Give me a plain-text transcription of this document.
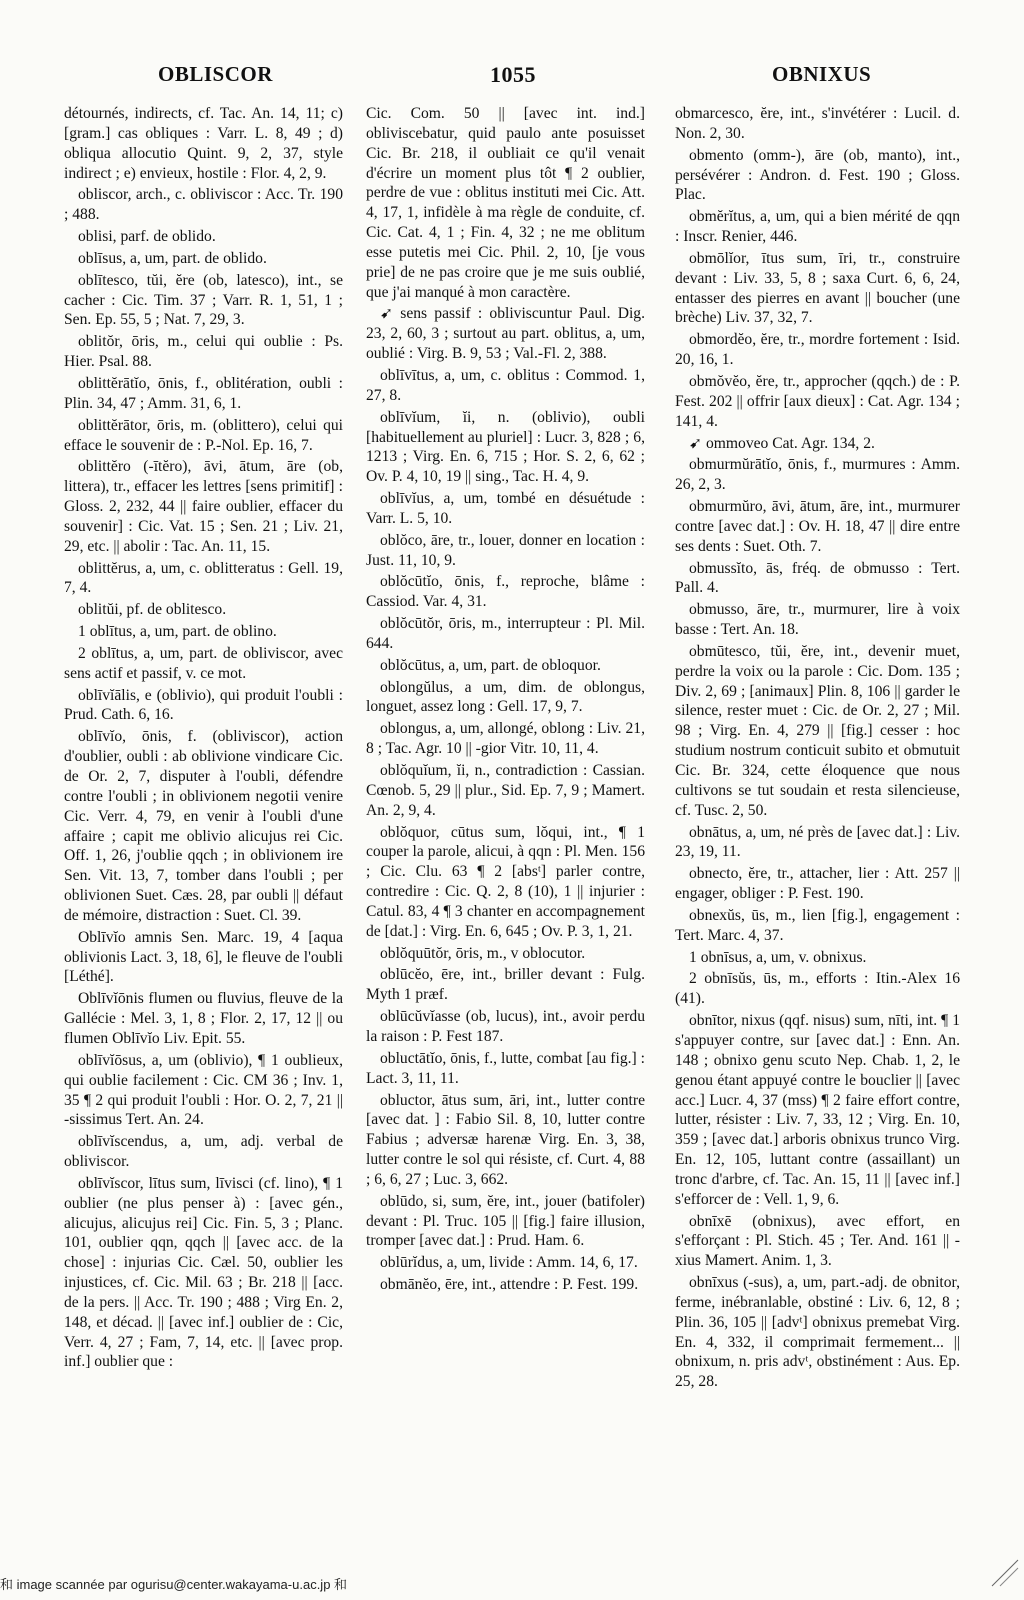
OBLISCOR	1055	OBNIXUS

détournés, indirects, cf. Tac. An. 14, 11; c) [gram.] cas obliques : Varr. L. 8, 49 ; d) obliqua allocutio Quint. 9, 2, 37, style indirect ; e) envieux, hostile : Flor. 4, 2, 9.

obliscor, arch., c. obliviscor : Acc. Tr. 190 ; 488.

oblisi, parf. de oblido.

oblīsus, a, um, part. de oblido.

oblītesco, tŭi, ĕre (ob, latesco), int., se cacher : Cic. Tim. 37 ; Varr. R. 1, 51, 1 ; Sen. Ep. 55, 5 ; Nat. 7, 29, 3.

oblitŏr, ōris, m., celui qui oublie : Ps. Hier. Psal. 88.

oblittĕrātĭo, ōnis, f., oblitération, oubli : Plin. 34, 47 ; Amm. 31, 6, 1.

oblittĕrātor, ōris, m. (oblittero), celui qui efface le souvenir de : P.-Nol. Ep. 16, 7.

oblittĕro (-ītĕro), āvi, ātum, āre (ob, littera), tr., effacer les lettres [sens primitif] : Gloss. 2, 232, 44 || faire oublier, effacer du souvenir] : Cic. Vat. 15 ; Sen. 21 ; Liv. 21, 29, etc. || abolir : Tac. An. 11, 15.

oblittĕrus, a, um, c. oblitteratus : Gell. 19, 7, 4.

oblitŭi, pf. de oblitesco.

1 oblītus, a, um, part. de oblino.

2 oblītus, a, um, part. de obliviscor, avec sens actif et passif, v. ce mot.

oblīvĭālis, e (oblivio), qui produit l'oubli : Prud. Cath. 6, 16.

oblīvĭo, ōnis, f. (obliviscor), action d'oublier, oubli : ab oblivione vindicare Cic. de Or. 2, 7, disputer à l'oubli, défendre contre l'oubli ; in oblivionem negotii venire Cic. Verr. 4, 79, en venir à l'oubli d'une affaire ; capit me oblivio alicujus rei Cic. Off. 1, 26, j'oublie qqch ; in oblivionem ire Sen. Vit. 13, 7, tomber dans l'oubli ; per oblivionen Suet. Cæs. 28, par oubli || défaut de mémoire, distraction : Suet. Cl. 39.

Oblīvĭo amnis Sen. Marc. 19, 4 [aqua oblivionis Lact. 3, 18, 6], le fleuve de l'oubli [Léthé].

Oblīvĭōnis flumen ou fluvius, fleuve de la Gallécie : Mel. 3, 1, 8 ; Flor. 2, 17, 12 || ou flumen Oblīvĭo Liv. Epit. 55.

oblīvĭōsus, a, um (oblivio), ¶ 1 oublieux, qui oublie facilement : Cic. CM 36 ; Inv. 1, 35 ¶ 2 qui produit l'oubli : Hor. O. 2, 7, 21 || -sissimus Tert. An. 24.

oblīvĭscendus, a, um, adj. verbal de obliviscor.

oblīvĭscor, lītus sum, līvisci (cf. lino), ¶ 1 oublier (ne plus penser à) : [avec gén., alicujus, alicujus rei] Cic. Fin. 5, 3 ; Planc. 101, oublier qqn, qqch || [avec acc. de la chose] : injurias Cic. Cæl. 50, oublier les injustices, cf. Cic. Mil. 63 ; Br. 218 || [acc. de la pers. || Acc. Tr. 190 ; 488 ; Virg En. 2, 148, et décad. || [avec inf.] oublier de : Cic, Verr. 4, 27 ; Fam, 7, 14, etc. || [avec prop. inf.] oublier que :

Cic. Com. 50 || [avec int. ind.] obliviscebatur, quid paulo ante posuisset Cic. Br. 218, il oubliait ce qu'il venait d'écrire un moment plus tôt ¶ 2 oublier, perdre de vue : oblitus instituti mei Cic. Att. 4, 17, 1, infidèle à ma règle de conduite, cf. Cic. Cat. 4, 1 ; Fin. 4, 32 ; ne me oblitum esse putetis mei Cic. Phil. 2, 10, [je vous prie] de ne pas croire que je me suis oublié, que j'ai manqué à mon caractère.

➹ sens passif : obliviscuntur Paul. Dig. 23, 2, 60, 3 ; surtout au part. oblitus, a, um, oublié : Virg. B. 9, 53 ; Val.-Fl. 2, 388.

oblīvītus, a, um, c. oblitus : Commod. 1, 27, 8.

oblīvĭum, ĭi, n. (oblivio), oubli [habituellement au pluriel] : Lucr. 3, 828 ; 6, 1213 ; Virg. En. 6, 715 ; Hor. S. 2, 6, 62 ; Ov. P. 4, 10, 19 || sing., Tac. H. 4, 9.

oblīvĭus, a, um, tombé en désuétude : Varr. L. 5, 10.

oblŏco, āre, tr., louer, donner en location : Just. 11, 10, 9.

oblŏcūtĭo, ōnis, f., reproche, blâme : Cassiod. Var. 4, 31.

oblŏcūtŏr, ōris, m., interrupteur : Pl. Mil. 644.

oblŏcūtus, a, um, part. de obloquor.

oblongŭlus, a um, dim. de oblongus, longuet, assez long : Gell. 17, 9, 7.

oblongus, a, um, allongé, oblong : Liv. 21, 8 ; Tac. Agr. 10 || -gior Vitr. 10, 11, 4.

oblŏquĭum, ĭi, n., contradiction : Cassian. Cœnob. 5, 29 || plur., Sid. Ep. 7, 9 ; Mamert. An. 2, 9, 4.

oblŏquor, cūtus sum, lŏqui, int., ¶ 1 couper la parole, alicui, à qqn : Pl. Men. 156 ; Cic. Clu. 63 ¶ 2 [absᵗ] parler contre, contredire : Cic. Q. 2, 8 (10), 1 || injurier : Catul. 83, 4 ¶ 3 chanter en accompagnement de [dat.] : Virg. En. 6, 645 ; Ov. P. 3, 1, 21.

oblŏquūtŏr, ōris, m., v oblocutor.

oblūcĕo, ēre, int., briller devant : Fulg. Myth 1 præf.

oblūcŭvĭasse (ob, lucus), int., avoir perdu la raison : P. Fest 187.

obluctātĭo, ōnis, f., lutte, combat [au fig.] : Lact. 3, 11, 11.

obluctor, ātus sum, āri, int., lutter contre [avec dat. ] : Fabio Sil. 8, 10, lutter contre Fabius ; adversæ harenæ Virg. En. 3, 38, lutter contre le sol qui résiste, cf. Curt. 4, 88 ; 6, 6, 27 ; Luc. 3, 662.

oblūdo, si, sum, ĕre, int., jouer (batifoler) devant : Pl. Truc. 105 || [fig.] faire illusion, tromper [avec dat.] : Prud. Ham. 6.

oblūrĭdus, a, um, livide : Amm. 14, 6, 17.

obmānĕo, ēre, int., attendre : P. Fest. 199.

obmarcesco, ĕre, int., s'invétérer : Lucil. d. Non. 2, 30.

obmento (omm-), āre (ob, manto), int., persévérer : Andron. d. Fest. 190 ; Gloss. Plac.

obmĕrĭtus, a, um, qui a bien mérité de qqn : Inscr. Renier, 446.

obmōlĭor, ītus sum, īri, tr., construire devant : Liv. 33, 5, 8 ; saxa Curt. 6, 6, 24, entasser des pierres en avant || boucher (une brèche) Liv. 37, 32, 7.

obmordĕo, ĕre, tr., mordre fortement : Isid. 20, 16, 1.

obmŏvĕo, ĕre, tr., approcher (qqch.) de : P. Fest. 202 || offrir [aux dieux] : Cat. Agr. 134 ; 141, 4.

➹ ommoveo Cat. Agr. 134, 2.

obmurmŭrātĭo, ōnis, f., murmures : Amm. 26, 2, 3.

obmurmŭro, āvi, ātum, āre, int., murmurer contre [avec dat.] : Ov. H. 18, 47 || dire entre ses dents : Suet. Oth. 7.

obmussĭto, ās, fréq. de obmusso : Tert. Pall. 4.

obmusso, āre, tr., murmurer, lire à voix basse : Tert. An. 18.

obmūtesco, tŭi, ĕre, int., devenir muet, perdre la voix ou la parole : Cic. Dom. 135 ; Div. 2, 69 ; [animaux] Plin. 8, 106 || garder le silence, rester muet : Cic. de Or. 2, 27 ; Mil. 98 ; Virg. En. 4, 279 || [fig.] cesser : hoc studium nostrum conticuit subito et obmutuit Cic. Br. 324, cette éloquence que nous cultivons se tut soudain et resta silencieuse, cf. Tusc. 2, 50.

obnātus, a, um, né près de [avec dat.] : Liv. 23, 19, 11.

obnecto, ĕre, tr., attacher, lier : Att. 257 || engager, obliger : P. Fest. 190.

obnexŭs, ūs, m., lien [fig.], engagement : Tert. Marc. 4, 37.

1 obnīsus, a, um, v. obnixus.

2 obnīsŭs, ūs, m., efforts : Itin.-Alex 16 (41).

obnītor, nixus (qqf. nisus) sum, nīti, int. ¶ 1 s'appuyer contre, sur [avec dat.] : Enn. An. 148 ; obnixo genu scuto Nep. Chab. 1, 2, le genou étant appuyé contre le bouclier || [avec acc.] Lucr. 4, 37 (mss) ¶ 2 faire effort contre, lutter, résister : Liv. 7, 33, 12 ; Virg. En. 10, 359 ; [avec dat.] arboris obnixus trunco Virg. En. 12, 105, luttant contre (assaillant) un tronc d'arbre, cf. Tac. An. 15, 11 || [avec inf.] s'efforcer de : Vell. 1, 9, 6.

obnīxē (obnixus), avec effort, en s'efforçant : Pl. Stich. 45 ; Ter. And. 161 || -xius Mamert. Anim. 1, 3.

obnīxus (-sus), a, um, part.-adj. de obnitor, ferme, inébranlable, obstiné : Liv. 6, 12, 8 ; Plin. 36, 105 || [advᵗ] obnixus premebat Virg. En. 4, 332, il comprimait fermement... || obnixum, n. pris advᵗ, obstinément : Aus. Ep. 25, 28.

和 image scannée par ogurisu@center.wakayama-u.ac.jp 和
